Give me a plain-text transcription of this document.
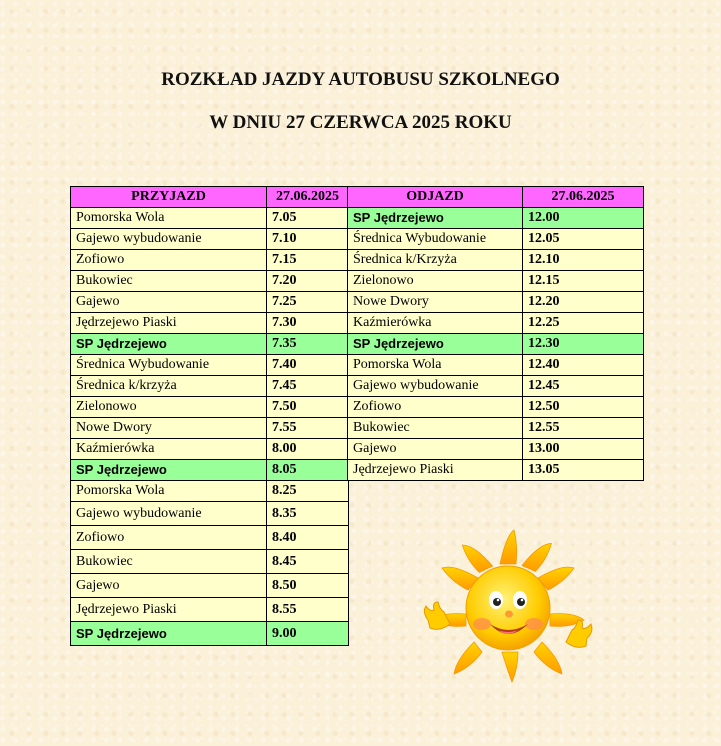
ROZKŁAD JAZDY AUTOBUSU SZKOLNEGO
W DNIU 27 CZERWCA 2025 ROKU
PRZYJAZD	27.06.2025
Pomorska Wola	7.05
Gajewo wybudowanie	7.10
Zofiowo	7.15
Bukowiec	7.20
Gajewo	7.25
Jędrzejewo Piaski	7.30
SP Jędrzejewo	7.35
Średnica Wybudowanie	7.40
Średnica k/krzyża	7.45
Zielonowo	7.50
Nowe Dwory	7.55
Kaźmierówka	8.00
SP Jędrzejewo	8.05
Pomorska Wola	8.25
Gajewo wybudowanie	8.35
Zofiowo	8.40
Bukowiec	8.45
Gajewo	8.50
Jędrzejewo Piaski	8.55
SP Jędrzejewo	9.00
ODJAZD	27.06.2025
SP Jędrzejewo	12.00
Średnica Wybudowanie	12.05
Średnica k/Krzyża	12.10
Zielonowo	12.15
Nowe Dwory	12.20
Kaźmierówka	12.25
SP Jędrzejewo	12.30
Pomorska Wola	12.40
Gajewo wybudowanie	12.45
Zofiowo	12.50
Bukowiec	12.55
Gajewo	13.00
Jędrzejewo Piaski	13.05
